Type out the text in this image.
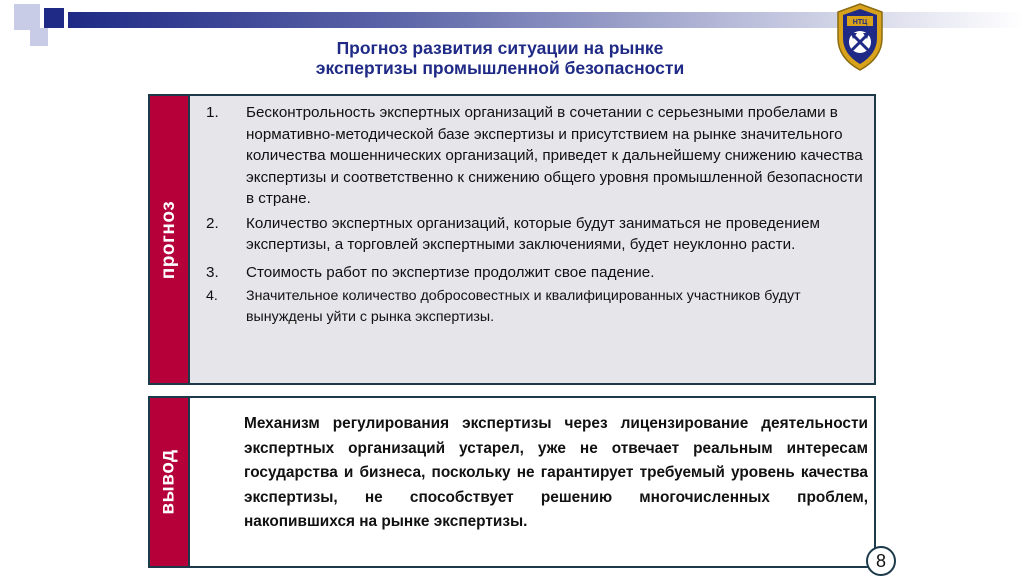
Прогноз развития ситуации на рынке
экспертизы промышленной безопасности
НТЦ
прогноз
1. Бесконтрольность экспертных организаций в сочетании с серьезными пробелами в нормативно-методической базе экспертизы и присутствием на рынке значительного количества мошеннических организаций, приведет к дальнейшему снижению качества экспертизы и соответственно к снижению общего уровня промышленной безопасности в стране.
2. Количество экспертных организаций, которые будут заниматься не проведением экспертизы, а торговлей экспертными заключениями, будет неуклонно расти.
3. Стоимость работ по экспертизе продолжит свое падение.
4. Значительное количество добросовестных и квалифицированных участников будут вынуждены уйти с рынка экспертизы.
вывод
Механизм регулирования экспертизы через лицензирование деятельности экспертных организаций устарел, уже не отвечает реальным интересам государства и бизнеса, поскольку не гарантирует требуемый уровень качества экспертизы, не способствует решению многочисленных проблем, накопившихся на рынке экспертизы.
8
